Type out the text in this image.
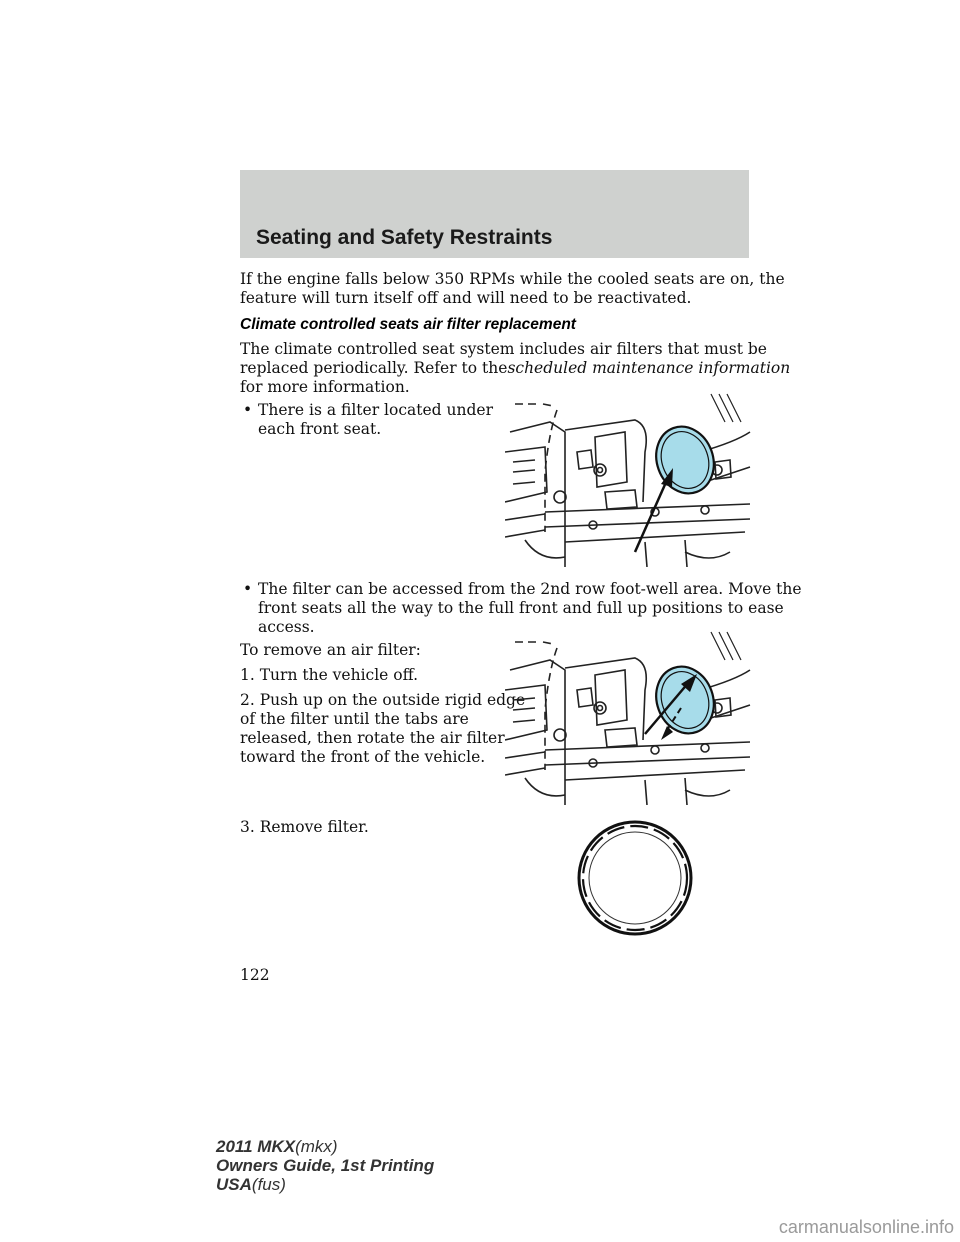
Seating and Safety Restraints
If the engine falls below 350 RPMs while the cooled seats are on, the
feature will turn itself off and will need to be reactivated.
Climate controlled seats air filter replacement
The climate controlled seat system includes air filters that must be
replaced periodically. Refer to thescheduled maintenance information
for more information.
• There is a filter located under
each front seat.
• The filter can be accessed from the 2nd row foot-well area. Move the
front seats all the way to the full front and full up positions to ease
access.
To remove an air filter:
1. Turn the vehicle off.
2. Push up on the outside rigid edge
of the filter until the tabs are
released, then rotate the air filter
toward the front of the vehicle.
3. Remove filter.
122
2011 MKX(mkx)
Owners Guide, 1st Printing
USA(fus)
carmanualsonline.info
